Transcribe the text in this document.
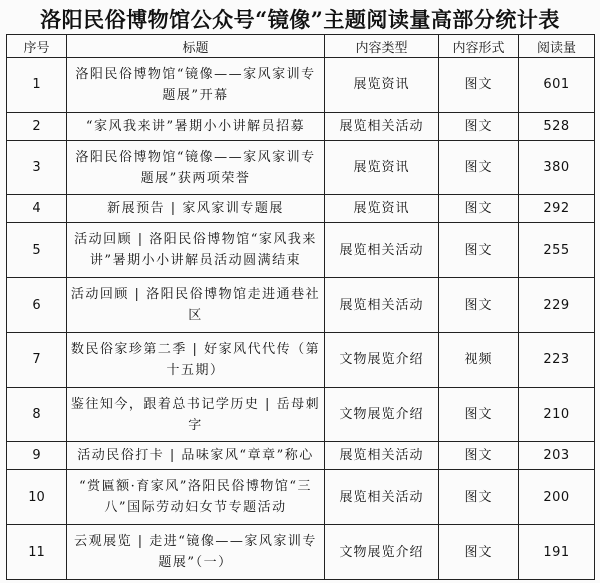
洛阳民俗博物馆公众号“镜像”主题阅读量高部分统计表
序号	标题	内容类型	内容形式	阅读量
1	洛阳民俗博物馆“镜像——家风家训专题展”开幕	展览资讯	图文	601
2	“家风我来讲”暑期小小讲解员招募	展览相关活动	图文	528
3	洛阳民俗博物馆“镜像——家风家训专题展”获两项荣誉	展览资讯	图文	380
4	新展预告 | 家风家训专题展	展览资讯	图文	292
5	活动回顾 | 洛阳民俗博物馆“家风我来讲”暑期小小讲解员活动圆满结束	展览相关活动	图文	255
6	活动回顾 | 洛阳民俗博物馆走进通巷社区	展览相关活动	图文	229
7	数民俗家珍第二季 | 好家风代代传（第十五期）	文物展览介绍	视频	223
8	鉴往知今，跟着总书记学历史 | 岳母刺字	文物展览介绍	图文	210
9	活动民俗打卡 | 品味家风“章章”称心	展览相关活动	图文	203
10	“赏匾额·育家风”洛阳民俗博物馆“三八”国际劳动妇女节专题活动	展览相关活动	图文	200
11	云观展览 | 走进“镜像——家风家训专题展”（一）	文物展览介绍	图文	191
